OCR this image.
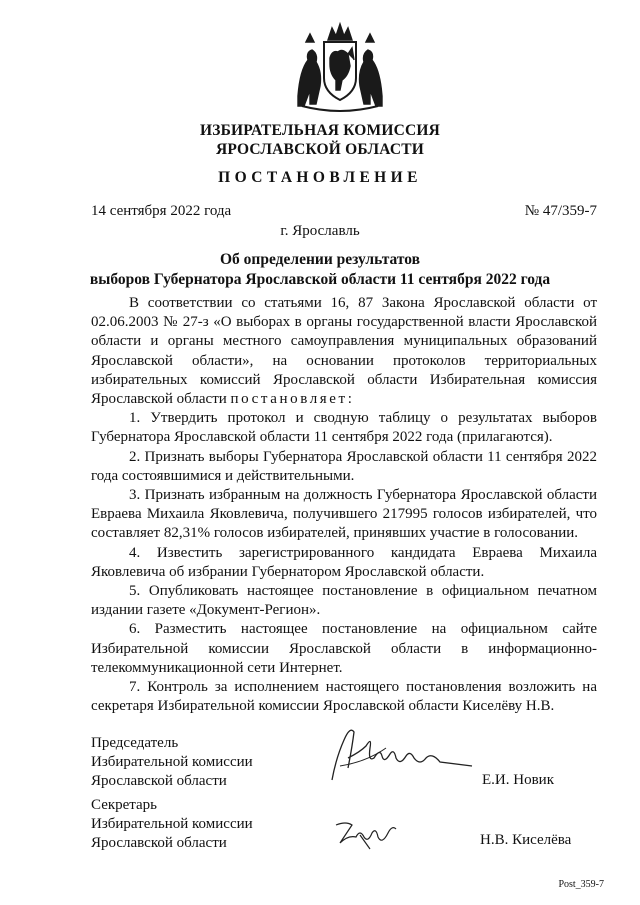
ИЗБИРАТЕЛЬНАЯ КОМИССИЯ
ЯРОСЛАВСКОЙ ОБЛАСТИ
ПОСТАНОВЛЕНИЕ
14 сентября 2022 года	№ 47/359-7
г. Ярославль
Об определении результатов
выборов Губернатора Ярославской области 11 сентября 2022 года

В соответствии со статьями 16, 87 Закона Ярославской области от 02.06.2003 № 27-з «О выборах в органы государственной власти Ярославской области и органы местного самоуправления муниципальных образований Ярославской области», на основании протоколов территориальных избирательных комиссий Ярославской области Избирательная комиссия Ярославской области постановляет:

1. Утвердить протокол и сводную таблицу о результатах выборов Губернатора Ярославской области 11 сентября 2022 года (прилагаются).

2. Признать выборы Губернатора Ярославской области 11 сентября 2022 года состоявшимися и действительными.

3. Признать избранным на должность Губернатора Ярославской области Евраева Михаила Яковлевича, получившего 217995 голосов избирателей, что составляет 82,31% голосов избирателей, принявших участие в голосовании.

4. Известить зарегистрированного кандидата Евраева Михаила Яковлевича об избрании Губернатором Ярославской области.

5. Опубликовать настоящее постановление в официальном печатном издании газете «Документ-Регион».

6. Разместить настоящее постановление на официальном сайте Избирательной комиссии Ярославской области в информационно-телекоммуникационной сети Интернет.

7. Контроль за исполнением настоящего постановления возложить на секретаря Избирательной комиссии Ярославской области Киселёву Н.В.

Председатель
Избирательной комиссии
Ярославской области	Е.И. Новик
Секретарь
Избирательной комиссии
Ярославской области	Н.В. Киселёва
Post_359-7
